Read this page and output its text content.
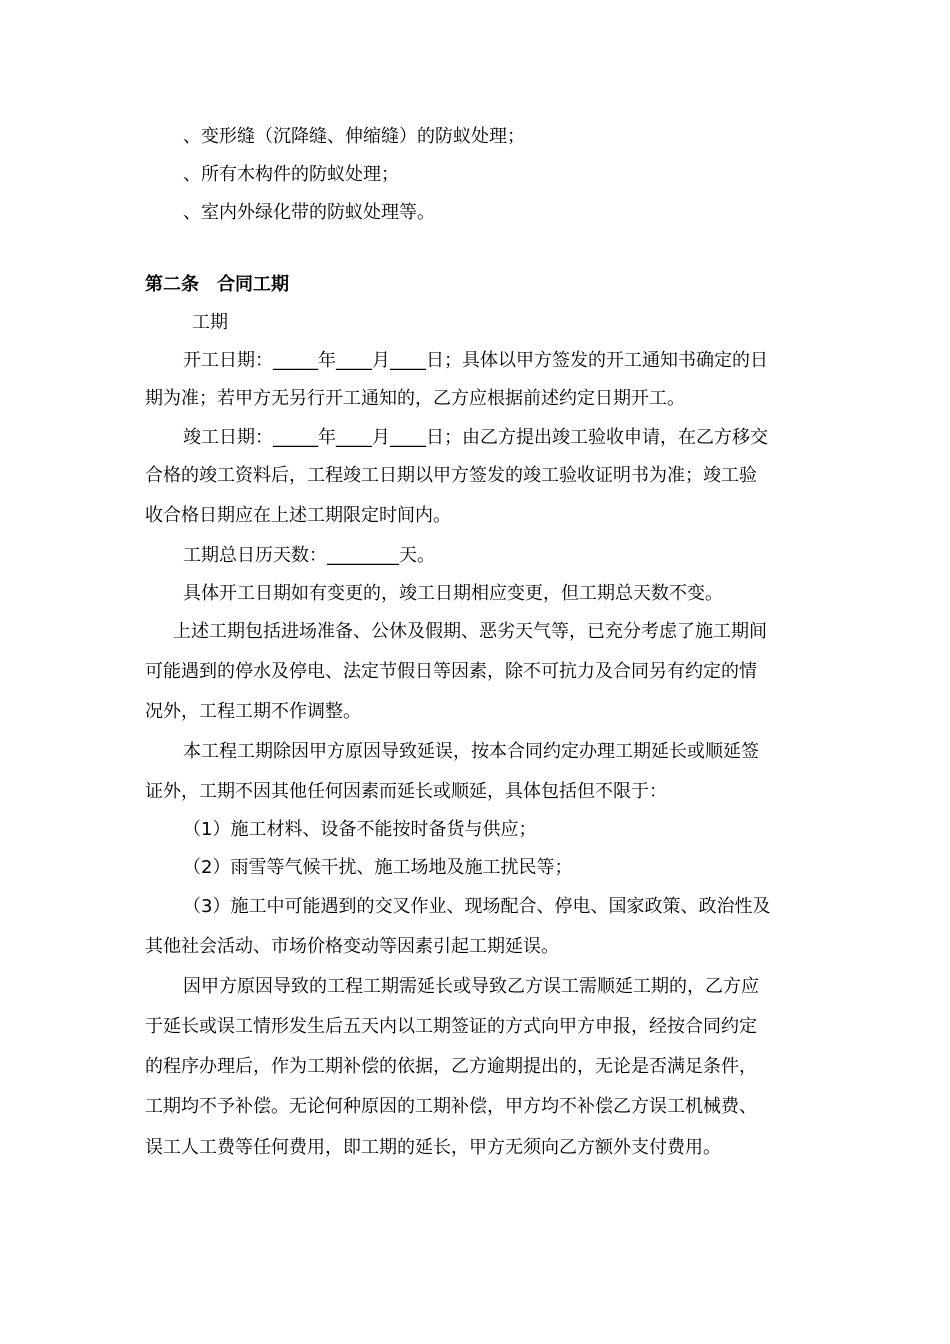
、变形缝（沉降缝、伸缩缝）的防蚁处理；
、所有木构件的防蚁处理；
、室内外绿化带的防蚁处理等。
第二条　合同工期
工期
开工日期：_____年____月____日；具体以甲方签发的开工通知书确定的日
期为准；若甲方无另行开工通知的，乙方应根据前述约定日期开工。
竣工日期：_____年____月____日；由乙方提出竣工验收申请，在乙方移交
合格的竣工资料后，工程竣工日期以甲方签发的竣工验收证明书为准；竣工验
收合格日期应在上述工期限定时间内。
工期总日历天数：________天。
具体开工日期如有变更的，竣工日期相应变更，但工期总天数不变。
上述工期包括进场准备、公休及假期、恶劣天气等，已充分考虑了施工期间
可能遇到的停水及停电、法定节假日等因素，除不可抗力及合同另有约定的情
况外，工程工期不作调整。
本工程工期除因甲方原因导致延误，按本合同约定办理工期延长或顺延签
证外，工期不因其他任何因素而延长或顺延，具体包括但不限于：
（1）施工材料、设备不能按时备货与供应；
（2）雨雪等气候干扰、施工场地及施工扰民等；
（3）施工中可能遇到的交叉作业、现场配合、停电、国家政策、政治性及
其他社会活动、市场价格变动等因素引起工期延误。
因甲方原因导致的工程工期需延长或导致乙方误工需顺延工期的，乙方应
于延长或误工情形发生后五天内以工期签证的方式向甲方申报，经按合同约定
的程序办理后，作为工期补偿的依据，乙方逾期提出的，无论是否满足条件，
工期均不予补偿。无论何种原因的工期补偿，甲方均不补偿乙方误工机械费、
误工人工费等任何费用，即工期的延长，甲方无须向乙方额外支付费用。
